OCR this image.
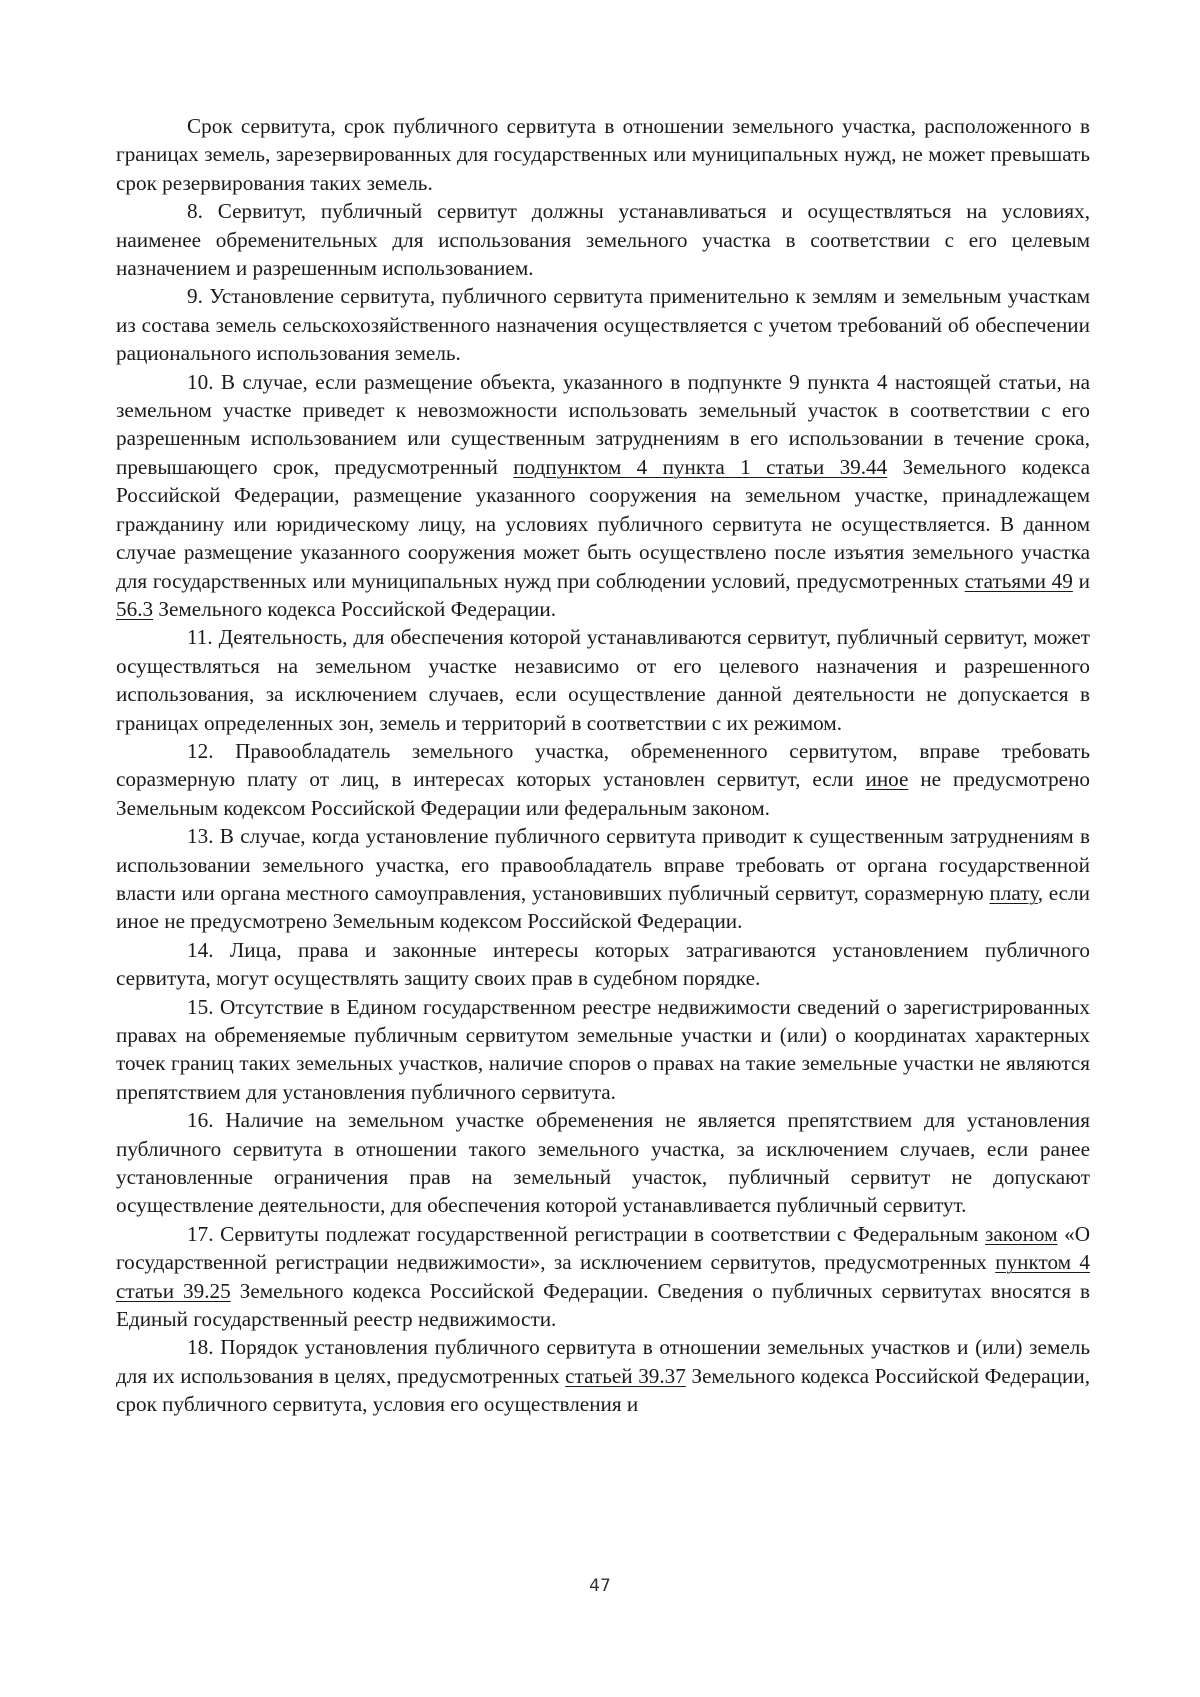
Срок сервитута, срок публичного сервитута в отношении земельного участка, расположенного в границах земель, зарезервированных для государственных или муниципальных нужд, не может превышать срок резервирования таких земель.

8. Сервитут, публичный сервитут должны устанавливаться и осуществляться на условиях, наименее обременительных для использования земельного участка в соответствии с его целевым назначением и разрешенным использованием.

9. Установление сервитута, публичного сервитута применительно к землям и земельным участкам из состава земель сельскохозяйственного назначения осуществляется с учетом требований об обеспечении рационального использования земель.

10. В случае, если размещение объекта, указанного в подпункте 9 пункта 4 настоящей статьи, на земельном участке приведет к невозможности использовать земельный участок в соответствии с его разрешенным использованием или существенным затруднениям в его использовании в течение срока, превышающего срок, предусмотренный подпунктом 4 пункта 1 статьи 39.44 Земельного кодекса Российской Федерации, размещение указанного сооружения на земельном участке, принадлежащем гражданину или юридическому лицу, на условиях публичного сервитута не осуществляется. В данном случае размещение указанного сооружения может быть осуществлено после изъятия земельного участка для государственных или муниципальных нужд при соблюдении условий, предусмотренных статьями 49 и 56.3 Земельного кодекса Российской Федерации.

11. Деятельность, для обеспечения которой устанавливаются сервитут, публичный сервитут, может осуществляться на земельном участке независимо от его целевого назначения и разрешенного использования, за исключением случаев, если осуществление данной деятельности не допускается в границах определенных зон, земель и территорий в соответствии с их режимом.

12. Правообладатель земельного участка, обремененного сервитутом, вправе требовать соразмерную плату от лиц, в интересах которых установлен сервитут, если иное не предусмотрено Земельным кодексом Российской Федерации или федеральным законом.

13. В случае, когда установление публичного сервитута приводит к существенным затруднениям в использовании земельного участка, его правообладатель вправе требовать от органа государственной власти или органа местного самоуправления, установивших публичный сервитут, соразмерную плату, если иное не предусмотрено Земельным кодексом Российской Федерации.

14. Лица, права и законные интересы которых затрагиваются установлением публичного сервитута, могут осуществлять защиту своих прав в судебном порядке.

15. Отсутствие в Едином государственном реестре недвижимости сведений о зарегистрированных правах на обременяемые публичным сервитутом земельные участки и (или) о координатах характерных точек границ таких земельных участков, наличие споров о правах на такие земельные участки не являются препятствием для установления публичного сервитута.

16. Наличие на земельном участке обременения не является препятствием для установления публичного сервитута в отношении такого земельного участка, за исключением случаев, если ранее установленные ограничения прав на земельный участок, публичный сервитут не допускают осуществление деятельности, для обеспечения которой устанавливается публичный сервитут.

17. Сервитуты подлежат государственной регистрации в соответствии с Федеральным законом «О государственной регистрации недвижимости», за исключением сервитутов, предусмотренных пунктом 4 статьи 39.25 Земельного кодекса Российской Федерации. Сведения о публичных сервитутах вносятся в Единый государственный реестр недвижимости.

18. Порядок установления публичного сервитута в отношении земельных участков и (или) земель для их использования в целях, предусмотренных статьей 39.37 Земельного кодекса Российской Федерации, срок публичного сервитута, условия его осуществления и

47
